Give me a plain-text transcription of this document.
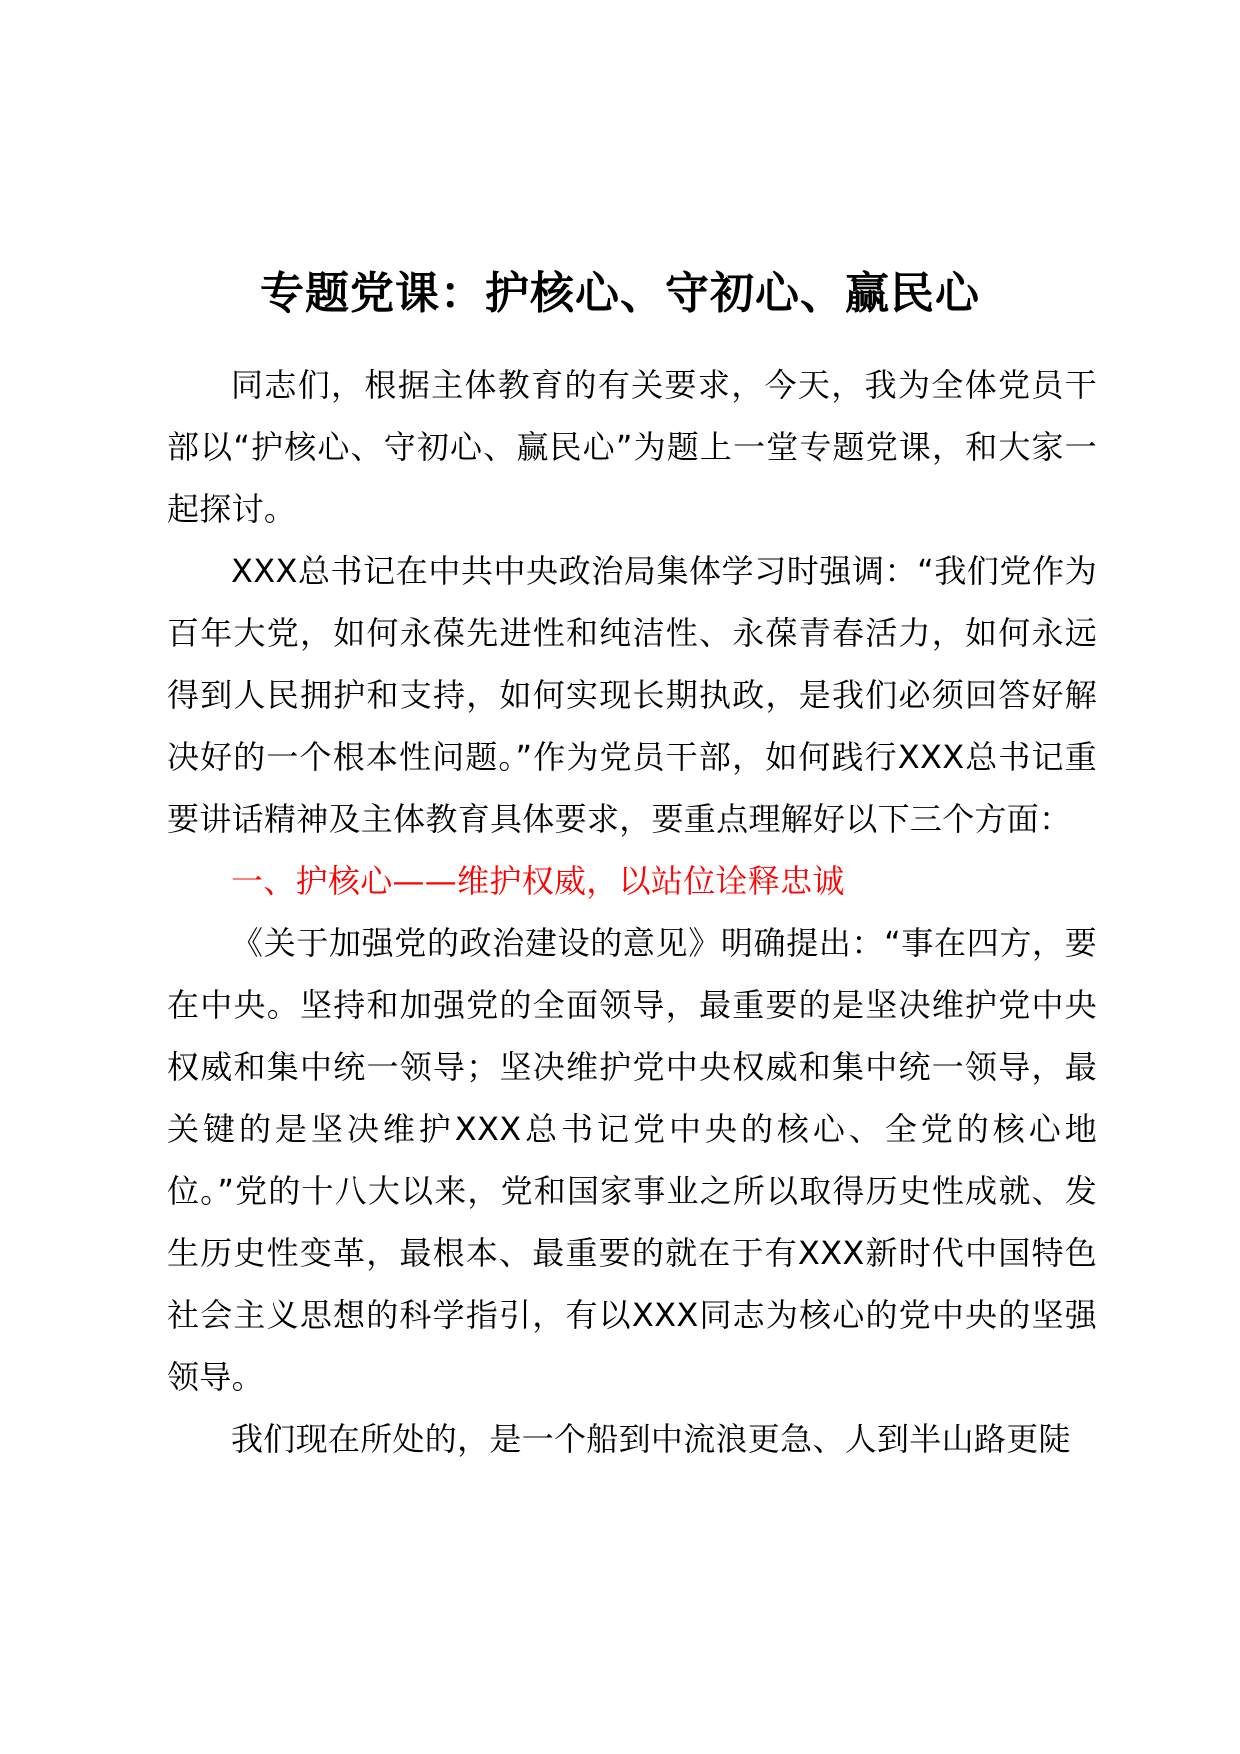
专题党课：护核心、守初心、赢民心

同志们，根据主体教育的有关要求，今天，我为全体党员干部以“护核心、守初心、赢民心”为题上一堂专题党课，和大家一起探讨。

XXX总书记在中共中央政治局集体学习时强调：“我们党作为百年大党，如何永葆先进性和纯洁性、永葆青春活力，如何永远得到人民拥护和支持，如何实现长期执政，是我们必须回答好解决好的一个根本性问题。”作为党员干部，如何践行XXX总书记重要讲话精神及主体教育具体要求，要重点理解好以下三个方面：

一、护核心——维护权威，以站位诠释忠诚

《关于加强党的政治建设的意见》明确提出：“事在四方，要在中央。坚持和加强党的全面领导，最重要的是坚决维护党中央权威和集中统一领导；坚决维护党中央权威和集中统一领导，最关键的是坚决维护XXX总书记党中央的核心、全党的核心地位。”党的十八大以来，党和国家事业之所以取得历史性成就、发生历史性变革，最根本、最重要的就在于有XXX新时代中国特色社会主义思想的科学指引，有以XXX同志为核心的党中央的坚强领导。

我们现在所处的，是一个船到中流浪更急、人到半山路更陡
